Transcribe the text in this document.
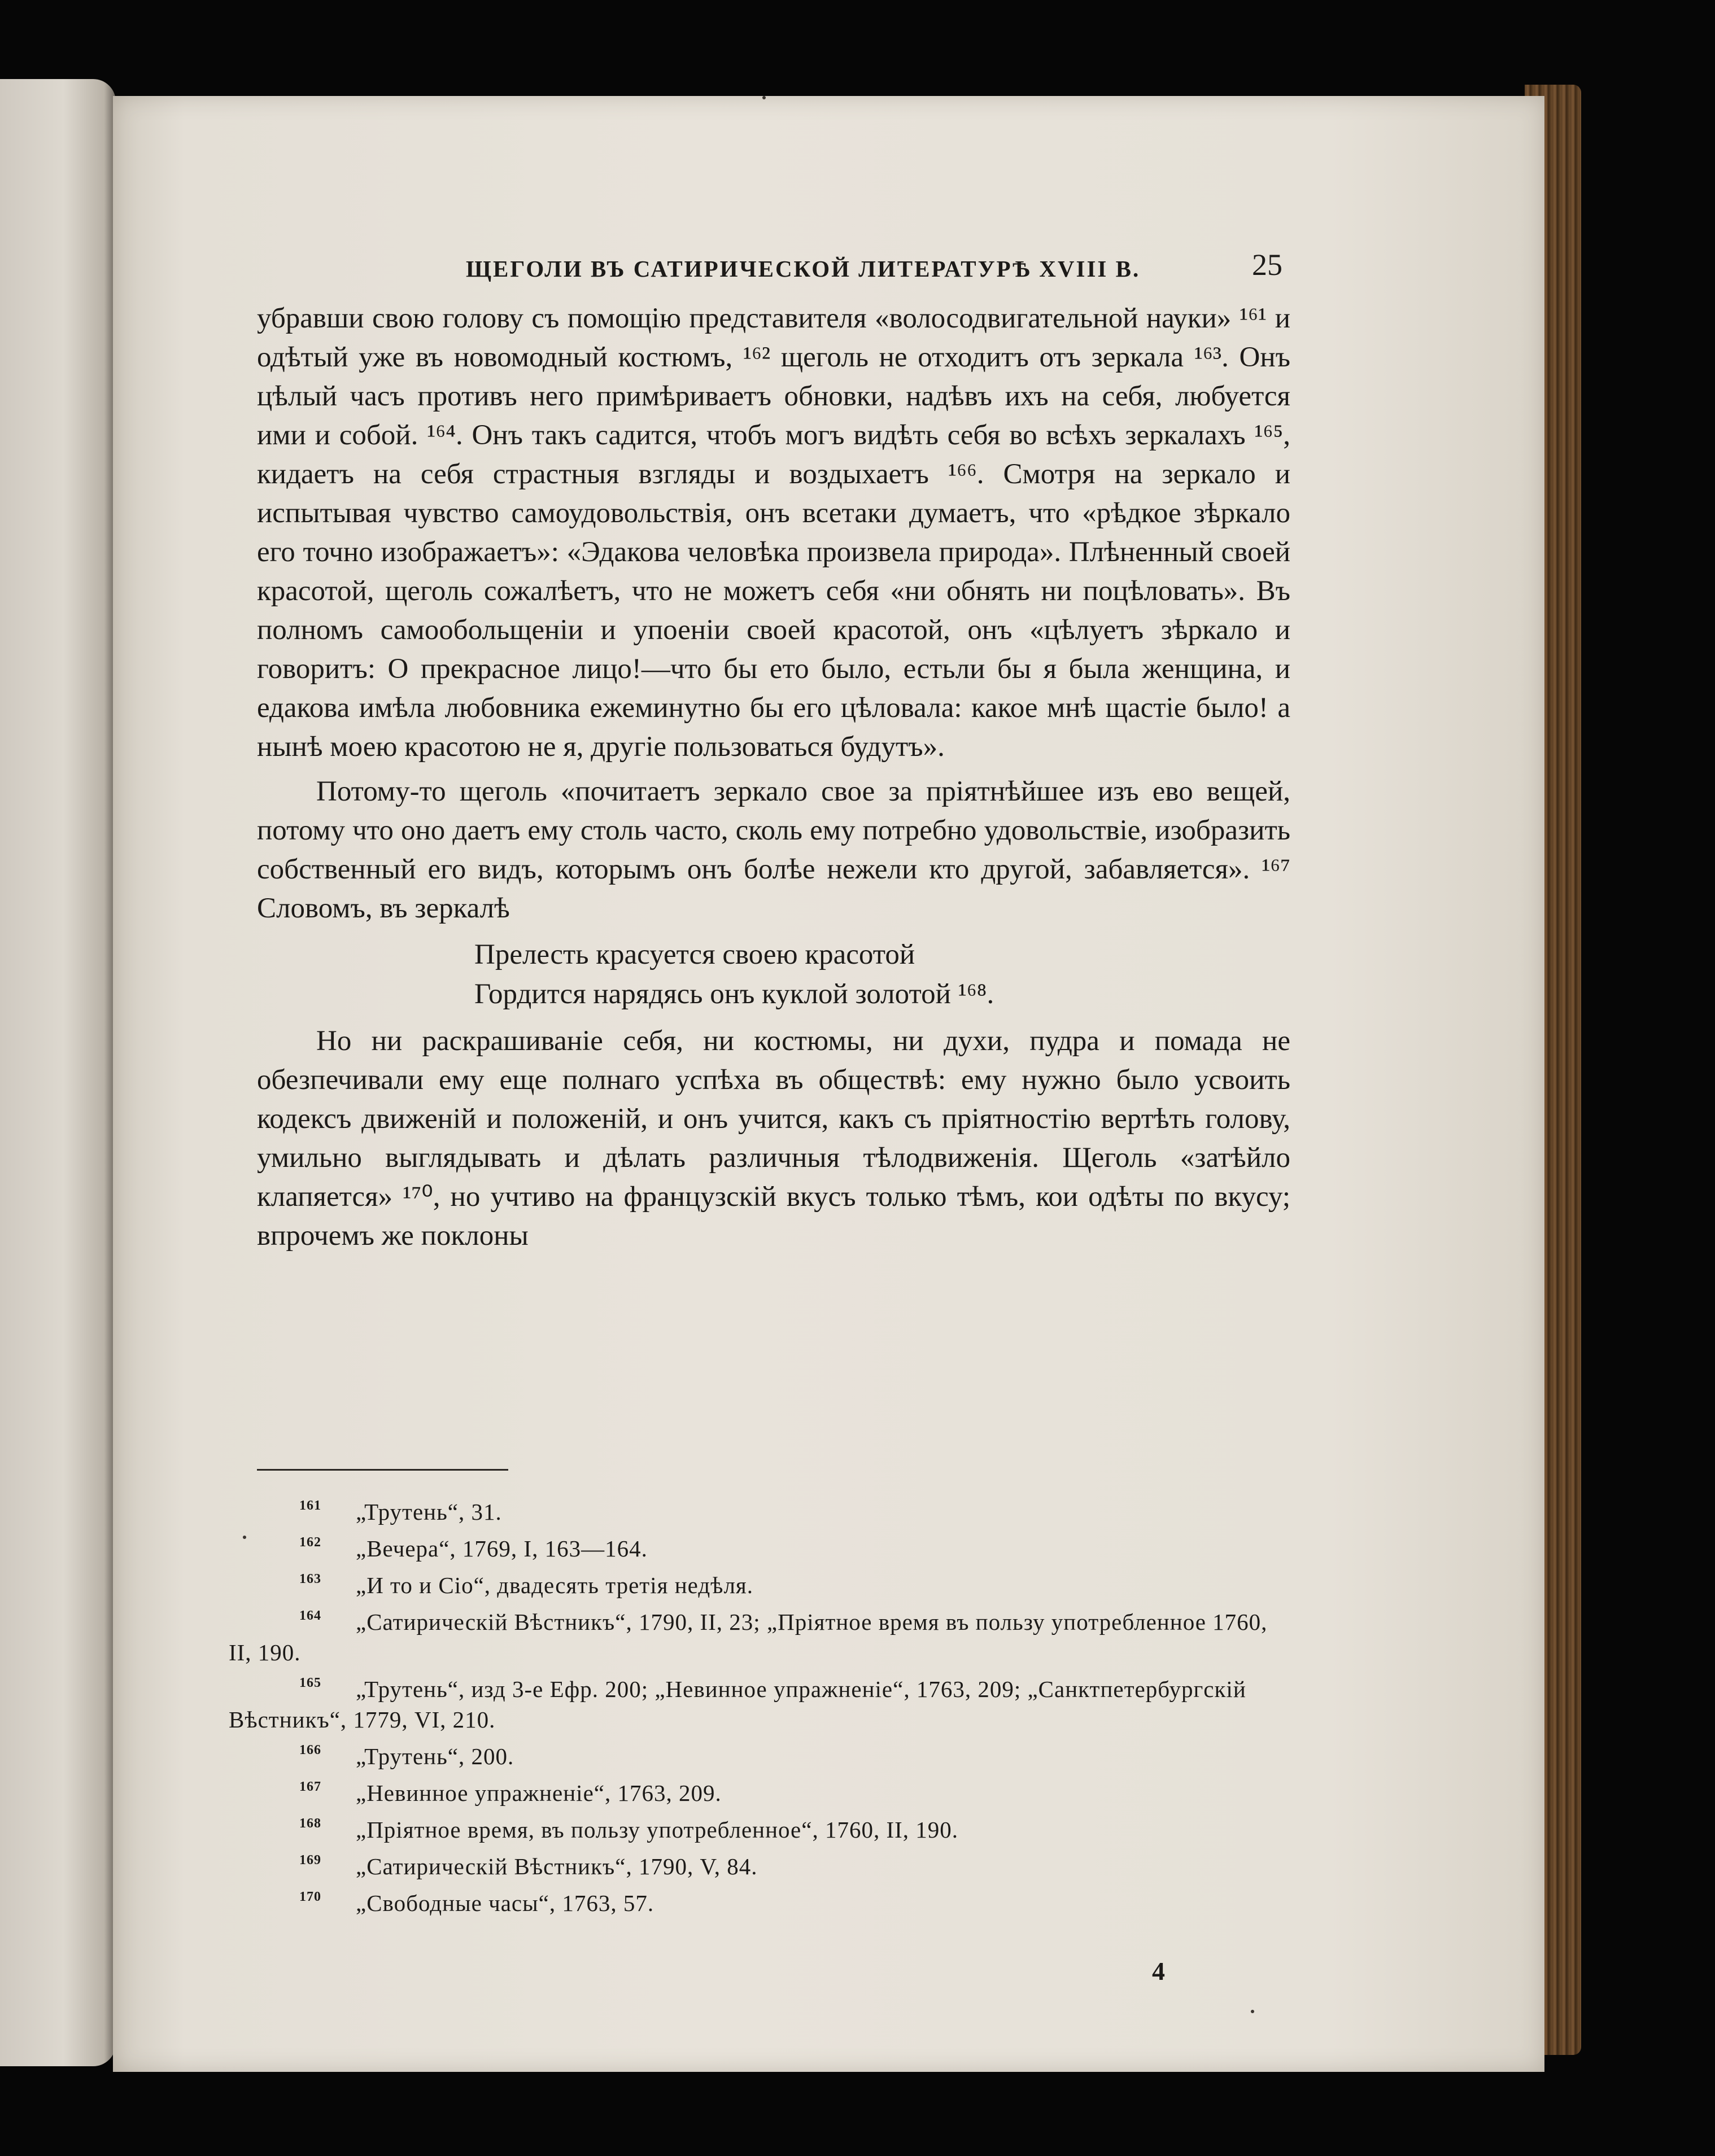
ЩЕГОЛИ ВЪ САТИРИЧЕСКОЙ ЛИТЕРАТУРѢ XVIII В.	25

убравши свою голову съ помощію представителя «волосодвигательной науки» ¹⁶¹ и одѣтый уже въ новомодный костюмъ, ¹⁶² щеголь не отходитъ отъ зеркала ¹⁶³. Онъ цѣлый часъ противъ него примѣриваетъ обновки, надѣвъ ихъ на себя, любуется ими и собой. ¹⁶⁴. Онъ такъ садится, чтобъ могъ видѣть себя во всѣхъ зеркалахъ ¹⁶⁵, кидаетъ на себя страстныя взгляды и воздыхаетъ ¹⁶⁶. Смотря на зеркало и испытывая чувство самоудовольствія, онъ всетаки думаетъ, что «рѣдкое зѣркало его точно изображаетъ»: «Эдакова человѣка произвела природа». Плѣненный своей красотой, щеголь сожалѣетъ, что не можетъ себя «ни обнять ни поцѣловать». Въ полномъ самообольщеніи и упоеніи своей красотой, онъ «цѣлуетъ зѣркало и говоритъ: О прекрасное лицо!—что бы ето было, естьли бы я была женщина, и едакова имѣла любовника ежеминутно бы его цѣловала: какое мнѣ щастіе было! а нынѣ моею красотою не я, другіе пользоваться будутъ».

Потому-то щеголь «почитаетъ зеркало свое за пріятнѣйшее изъ ево вещей, потому что оно даетъ ему столь часто, сколь ему потребно удовольствіе, изобразить собственный его видъ, которымъ онъ болѣе нежели кто другой, забавляется». ¹⁶⁷ Словомъ, въ зеркалѣ

Прелесть красуется своею красотой
Гордится нарядясь онъ куклой золотой ¹⁶⁸.

Но ни раскрашиваніе себя, ни костюмы, ни духи, пудра и помада не обезпечивали ему еще полнаго успѣха въ обществѣ: ему нужно было усвоить кодексъ движеній и положеній, и онъ учится, какъ съ пріятностію вертѣть голову, умильно выглядывать и дѣлать различныя тѣлодвиженія. Щеголь «затѣйло клапяется» ¹⁷⁰, но учтиво на французскій вкусъ только тѣмъ, кои одѣты по вкусу; впрочемъ же поклоны

161 „Трутень“, 31.
162 „Вечера“, 1769, I, 163—164.
163 „И то и Сіо“, двадесять третія недѣля.
164 „Сатирическій Вѣстникъ“, 1790, II, 23; „Пріятное время въ пользу употребленное 1760, II, 190.
165 „Трутень“, изд 3-е Ефр. 200; „Невинное упражненіе“, 1763, 209; „Санктпетербургскій Вѣстникъ“, 1779, VI, 210.
166 „Трутень“, 200.
167 „Невинное упражненіе“, 1763, 209.
168 „Пріятное время, въ пользу употребленное“, 1760, II, 190.
169 „Сатирическій Вѣстникъ“, 1790, V, 84.
170 „Свободные часы“, 1763, 57.
4
